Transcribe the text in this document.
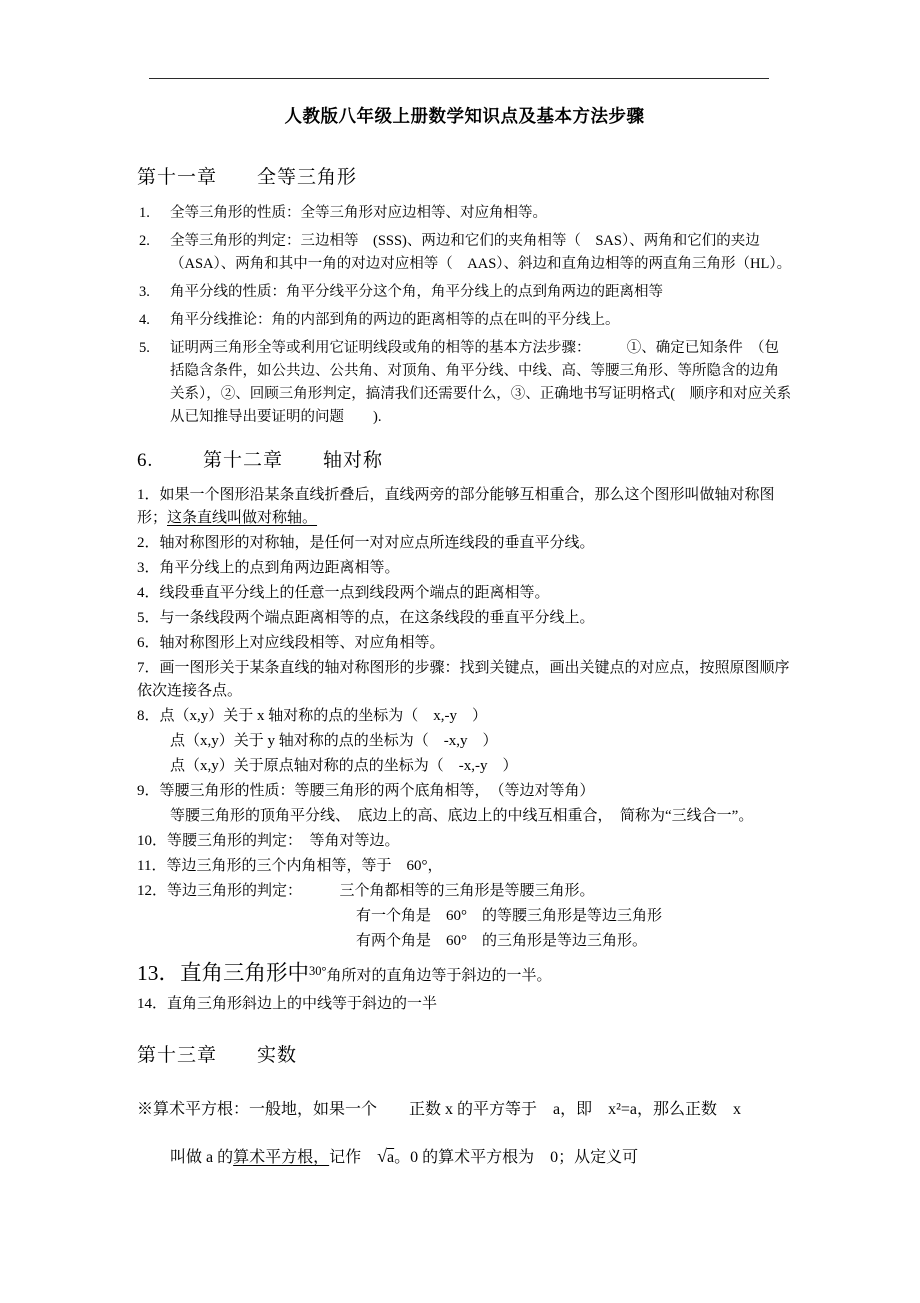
人教版八年级上册数学知识点及基本方法步骤
第十一章　　全等三角形
1. 全等三角形的性质：全等三角形对应边相等、对应角相等。
2. 全等三角形的判定：三边相等　(SSS)、两边和它们的夹角相等（　SAS）、两角和它们的夹边（ASA）、两角和其中一角的对边对应相等（　AAS）、斜边和直角边相等的两直角三角形（HL）。
3. 角平分线的性质：角平分线平分这个角，角平分线上的点到角两边的距离相等
4. 角平分线推论：角的内部到角的两边的距离相等的点在叫的平分线上。
5. 证明两三角形全等或利用它证明线段或角的相等的基本方法步骤：　　　①、确定已知条件　（包括隐含条件，如公共边、公共角、对顶角、角平分线、中线、高、等腰三角形、等所隐含的边角关系），②、回顾三角形判定，搞清我们还需要什么，③、正确地书写证明格式(　顺序和对应关系从已知推导出要证明的问题　　).
6.	第十二章　　轴对称
1．如果一个图形沿某条直线折叠后，直线两旁的部分能够互相重合，那么这个图形叫做轴对称图形；这条直线叫做对称轴。
2．轴对称图形的对称轴，是任何一对对应点所连线段的垂直平分线。
3．角平分线上的点到角两边距离相等。
4．线段垂直平分线上的任意一点到线段两个端点的距离相等。
5．与一条线段两个端点距离相等的点，在这条线段的垂直平分线上。
6．轴对称图形上对应线段相等、对应角相等。
7．画一图形关于某条直线的轴对称图形的步骤：找到关键点，画出关键点的对应点，按照原图顺序依次连接各点。
8．点（x,y）关于 x 轴对称的点的坐标为（　x,-y　）
点（x,y）关于 y 轴对称的点的坐标为（　-x,y　）
点（x,y）关于原点轴对称的点的坐标为（　-x,-y　）
9．等腰三角形的性质：等腰三角形的两个底角相等，　（等边对等角）
等腰三角形的顶角平分线、　底边上的高、底边上的中线互相重合，　简称为“三线合一”。
10．等腰三角形的判定：　等角对等边。
11．等边三角形的三个内角相等，等于　60°，
12．等边三角形的判定：　　　三个角都相等的三角形是等腰三角形。
有一个角是　60°　的等腰三角形是等边三角形
有两个角是　60°　的三角形是等边三角形。
13．直角三角形中$^{30^\circ}$角所对的直角边等于斜边的一半。
14．直角三角形斜边上的中线等于斜边的一半
第十三章　　实数
※算术平方根：一般地，如果一个　　正数 x 的平方等于　a，即　x²=a，那么正数　x
叫做 a 的算术平方根，记作　√a。0 的算术平方根为　0；从定义可
